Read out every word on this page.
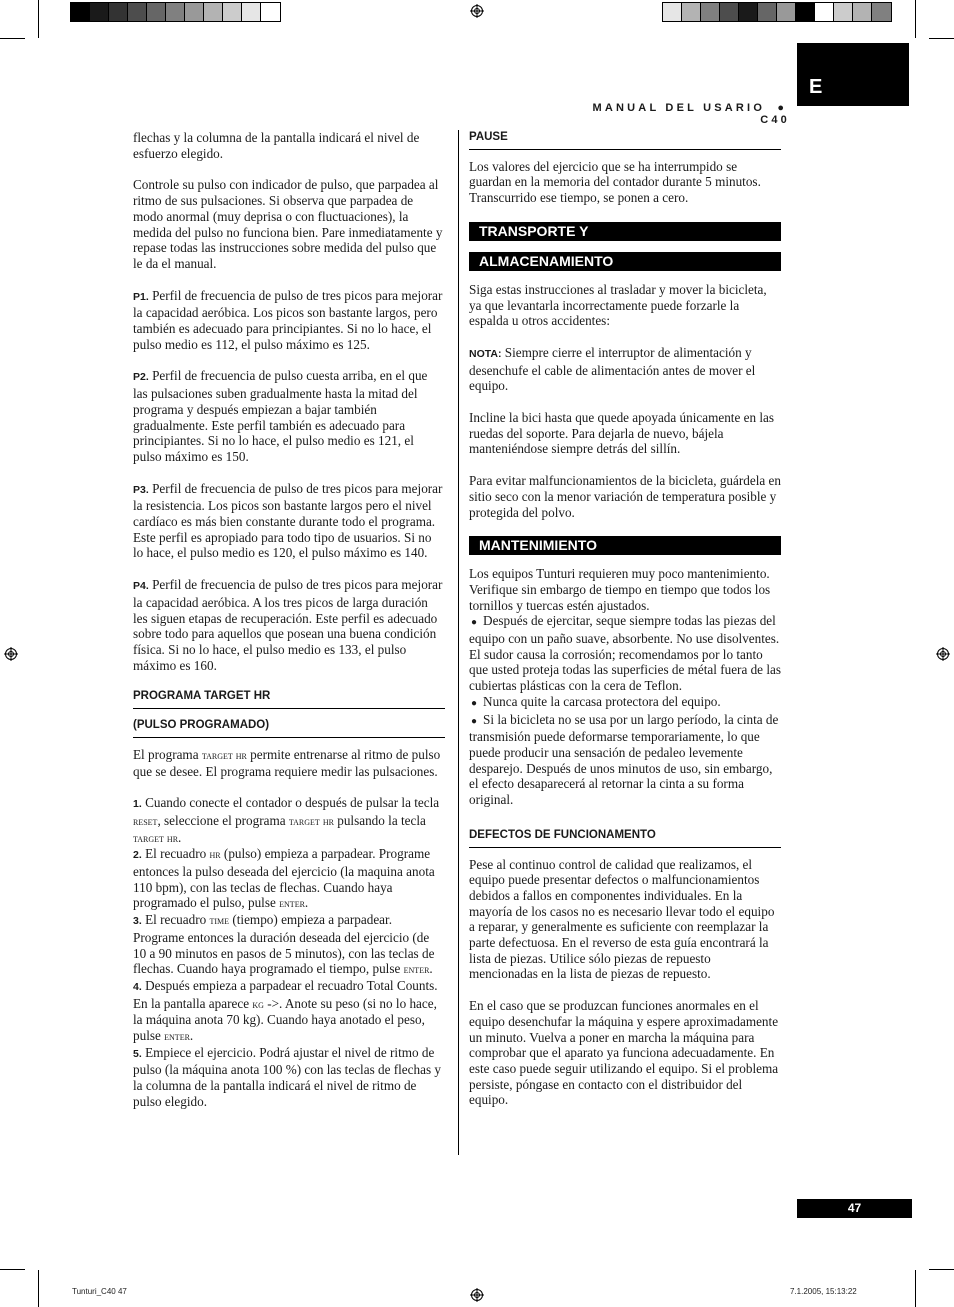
E
MANUAL DEL USARIO ● C40

flechas y la columna de la pantalla indicará el nivel de esfuerzo elegido.

Controle su pulso con indicador de pulso, que parpadea al ritmo de sus pulsaciones. Si observa que parpadea de modo anormal (muy deprisa o con fluctuaciones), la medida del pulso no funciona bien. Pare inmediatamente y repase todas las instrucciones sobre medida del pulso que le da el manual.

P1. Perfil de frecuencia de pulso de tres picos para mejorar la capacidad aeróbica. Los picos son bastante largos, pero también es adecuado para principiantes. Si no lo hace, el pulso medio es 112, el pulso máximo es 125.

P2. Perfil de frecuencia de pulso cuesta arriba, en el que las pulsaciones suben gradualmente hasta la mitad del programa y después empiezan a bajar también gradualmente. Este perfil también es adecuado para principiantes. Si no lo hace, el pulso medio es 121, el pulso máximo es 150.

P3. Perfil de frecuencia de pulso de tres picos para mejorar la resistencia. Los picos son bastante largos pero el nivel cardíaco es más bien constante durante todo el programa. Este perfil es apropiado para todo tipo de usuarios. Si no lo hace, el pulso medio es 120, el pulso máximo es 140.

P4. Perfil de frecuencia de pulso de tres picos para mejorar la capacidad aeróbica. A los tres picos de larga duración les siguen etapas de recuperación. Este perfil es adecuado sobre todo para aquellos que posean una buena condición física. Si no lo hace, el pulso medio es 133, el pulso máximo es 160.

PROGRAMA TARGET HR
(PULSO PROGRAMADO)

El programa target hr permite entrenarse al ritmo de pulso que se desee. El programa requiere medir las pulsaciones.

1. Cuando conecte el contador o después de pulsar la tecla reset, seleccione el programa target hr pulsando la tecla target hr.

2. El recuadro hr (pulso) empieza a parpadear. Programe entonces la pulso deseada del ejercicio (la maquina anota 110 bpm), con las teclas de flechas. Cuando haya programado el pulso, pulse enter.

3. El recuadro time (tiempo) empieza a parpadear. Programe entonces la duración deseada del ejercicio (de 10 a 90 minutos en pasos de 5 minutos), con las teclas de flechas. Cuando haya programado el tiempo, pulse enter.

4. Después empieza a parpadear el recuadro Total Counts. En la pantalla aparece kg ->. Anote su peso (si no lo hace, la máquina anota 70 kg). Cuando haya anotado el peso, pulse enter.

5. Empiece el ejercicio. Podrá ajustar el nivel de ritmo de pulso (la máquina anota 100 %) con las teclas de flechas y la columna de la pantalla indicará el nivel de ritmo de pulso elegido.

PAUSE

Los valores del ejercicio que se ha interrumpido se guardan en la memoria del contador durante 5 minutos. Transcurrido ese tiempo, se ponen a cero.

TRANSPORTE Y
ALMACENAMIENTO

Siga estas instrucciones al trasladar y mover la bicicleta, ya que levantarla incorrectamente puede forzarle la espalda u otros accidentes:

NOTA: Siempre cierre el interruptor de alimentación y desenchufe el cable de alimentación antes de mover el equipo.

Incline la bici hasta que quede apoyada únicamente en las ruedas del soporte. Para dejarla de nuevo, bájela manteniéndose siempre detrás del sillín.

Para evitar malfuncionamientos de la bicicleta, guárdela en sitio seco con la menor variación de temperatura posible y protegida del polvo.

MANTENIMIENTO

Los equipos Tunturi requieren muy poco mantenimiento. Verifique sin embargo de tiempo en tiempo que todos los tornillos y tuercas estén ajustados.

● Después de ejercitar, seque siempre todas las piezas del equipo con un paño suave, absorbente. No use disolventes. El sudor causa la corrosión; recomendamos por lo tanto que usted proteja todas las superficies de métal fuera de las cubiertas plásticas con la cera de Teflon.

● Nunca quite la carcasa protectora del equipo.

● Si la bicicleta no se usa por un largo período, la cinta de transmisión puede deformarse temporariamente, lo que puede producir una sensación de pedaleo levemente desparejo. Después de unos minutos de uso, sin embargo, el efecto desaparecerá al retornar la cinta a su forma original.

DEFECTOS DE FUNCIONAMENTO

Pese al continuo control de calidad que realizamos, el equipo puede presentar defectos o malfuncionamientos debidos a fallos en componentes individuales. En la mayoría de los casos no es necesario llevar todo el equipo a reparar, y generalmente es suficiente con reemplazar la parte defectuosa. En el reverso de esta guía encontrará la lista de piezas. Utilice sólo piezas de repuesto mencionadas en la lista de piezas de repuesto.

En el caso que se produzcan funciones anormales en el equipo desenchufar la máquina y espere aproximadamente un minuto. Vuelva a poner en marcha la máquina para comprobar que el aparato ya funciona adecuadamente. En este caso puede seguir utilizando el equipo. Si el problema persiste, póngase en contacto con el distribuidor del equipo.

47
Tunturi_C40 47	7.1.2005, 15:13:22
